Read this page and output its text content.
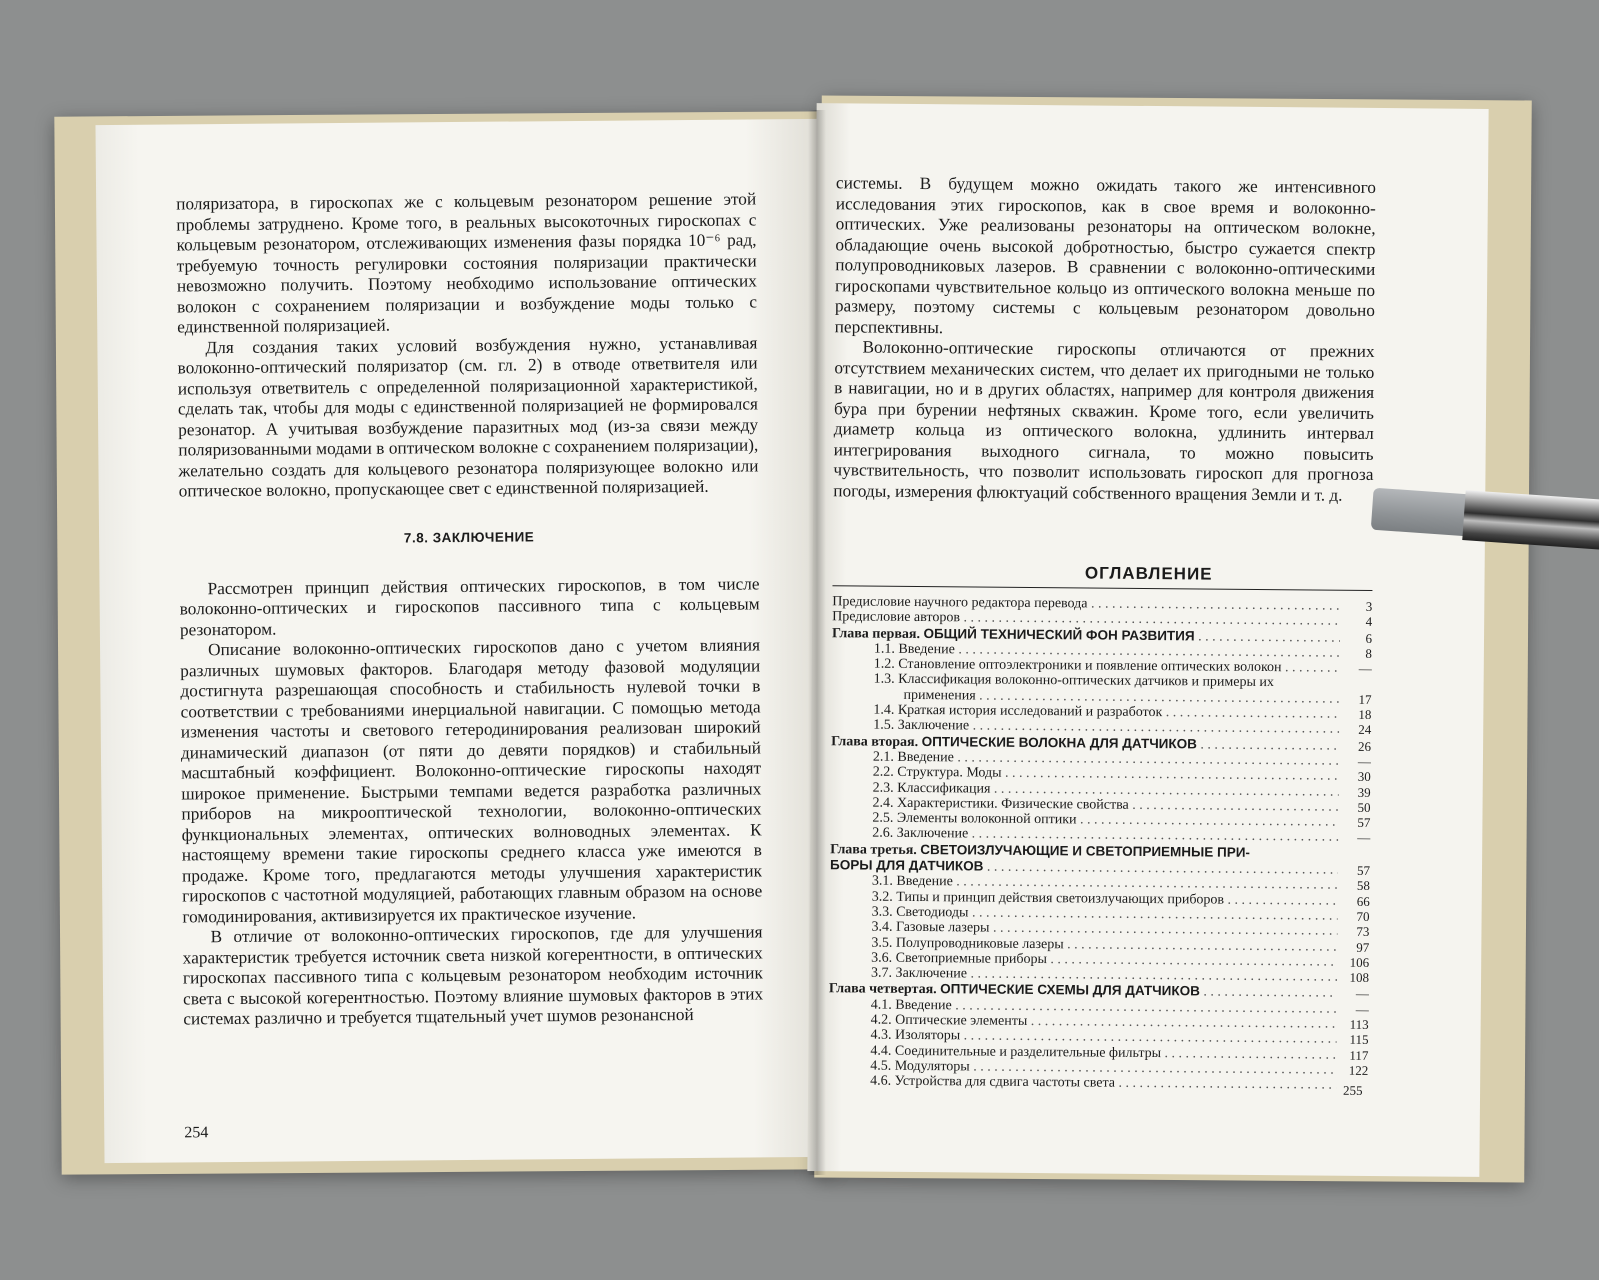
поляризатора, в гироскопах же с кольцевым резонатором решение этой проблемы затруднено. Кроме того, в реальных высокоточных гироскопах с кольцевым резонатором, отслеживающих изменения фазы порядка 10⁻⁶ рад, требуемую точность регулировки состояния поляризации практически невозможно получить. Поэтому необходимо использование оптических волокон с сохранением поляризации и возбуждение моды только с единственной поляризацией.

Для создания таких условий возбуждения нужно, устанавливая волоконно-оптический поляризатор (см. гл. 2) в отводе ответвителя или используя ответвитель с определенной поляризационной характеристикой, сделать так, чтобы для моды с единственной поляризацией не формировался резонатор. А учитывая возбуждение паразитных мод (из-за связи между поляризованными модами в оптическом волокне с сохранением поляризации), желательно создать для кольцевого резонатора поляризующее волокно или оптическое волокно, пропускающее свет с единственной поляризацией.

7.8. ЗАКЛЮЧЕНИЕ

Рассмотрен принцип действия оптических гироскопов, в том числе волоконно-оптических и гироскопов пассивного типа с кольцевым резонатором.

Описание волоконно-оптических гироскопов дано с учетом влияния различных шумовых факторов. Благодаря методу фазовой модуляции достигнута разрешающая способность и стабильность нулевой точки в соответствии с требованиями инерциальной навигации. С помощью метода изменения частоты и светового гетеродинирования реализован широкий динамический диапазон (от пяти до девяти порядков) и стабильный масштабный коэффициент. Волоконно-оптические гироскопы находят широкое применение. Быстрыми темпами ведется разработка различных приборов на микрооптической технологии, волоконно-оптических функциональных элементах, оптических волноводных элементах. К настоящему времени такие гироскопы среднего класса уже имеются в продаже. Кроме того, предлагаются методы улучшения характеристик гироскопов с частотной модуляцией, работающих главным образом на основе гомодинирования, активизируется их практическое изучение.

В отличие от волоконно-оптических гироскопов, где для улучшения характеристик требуется источник света низкой когерентности, в оптических гироскопах пассивного типа с кольцевым резонатором необходим источник света с высокой когерентностью. Поэтому влияние шумовых факторов в этих системах различно и требуется тщательный учет шумов резонансной

254

системы. В будущем можно ожидать такого же интенсивного исследования этих гироскопов, как в свое время и волоконно-оптических. Уже реализованы резонаторы на оптическом волокне, обладающие очень высокой добротностью, быстро сужается спектр полупроводниковых лазеров. В сравнении с волоконно-оптическими гироскопами чувствительное кольцо из оптического волокна меньше по размеру, поэтому системы с кольцевым резонатором довольно перспективны.

Волоконно-оптические гироскопы отличаются от прежних отсутствием механических систем, что делает их пригодными не только в навигации, но и в других областях, например для контроля движения бура при бурении нефтяных скважин. Кроме того, если увеличить диаметр кольца из оптического волокна, удлинить интервал интегрирования выходного сигнала, то можно повысить чувствительность, что позволит использовать гироскоп для прогноза погоды, измерения флюктуаций собственного вращения Земли и т. д.

ОГЛАВЛЕНИЕ
Предисловие научного редактора перевода . . .	3
Предисловие авторов . . .	4
Глава первая. ОБЩИЙ ТЕХНИЧЕСКИЙ ФОН РАЗВИТИЯ . . .	6
1.1. Введение . . .	8
1.2. Становление оптоэлектроники и появление оптических волокон . . .	—
1.3. Классификация волоконно-оптических датчиков и примеры их
применения . . .	17
1.4. Краткая история исследований и разработок . . .	18
1.5. Заключение . . .	24
Глава вторая. ОПТИЧЕСКИЕ ВОЛОКНА ДЛЯ ДАТЧИКОВ . . .	26
2.1. Введение . . .	—
2.2. Структура. Моды . . .	30
2.3. Классификация . . .	39
2.4. Характеристики. Физические свойства . . .	50
2.5. Элементы волоконной оптики . . .	57
2.6. Заключение . . .	—
Глава третья. СВЕТОИЗЛУЧАЮЩИЕ И СВЕТОПРИЕМНЫЕ ПРИ-
БОРЫ ДЛЯ ДАТЧИКОВ . . .	57
3.1. Введение . . .	58
3.2. Типы и принцип действия светоизлучающих приборов . . .	66
3.3. Светодиоды . . .	70
3.4. Газовые лазеры . . .	73
3.5. Полупроводниковые лазеры . . .	97
3.6. Светоприемные приборы . . .	106
3.7. Заключение . . .	108
Глава четвертая. ОПТИЧЕСКИЕ СХЕМЫ ДЛЯ ДАТЧИКОВ . . .	—
4.1. Введение . . .	—
4.2. Оптические элементы . . .	113
4.3. Изоляторы . . .	115
4.4. Соединительные и разделительные фильтры . . .	117
4.5. Модуляторы . . .	122
4.6. Устройства для сдвига частоты света . . .	255
